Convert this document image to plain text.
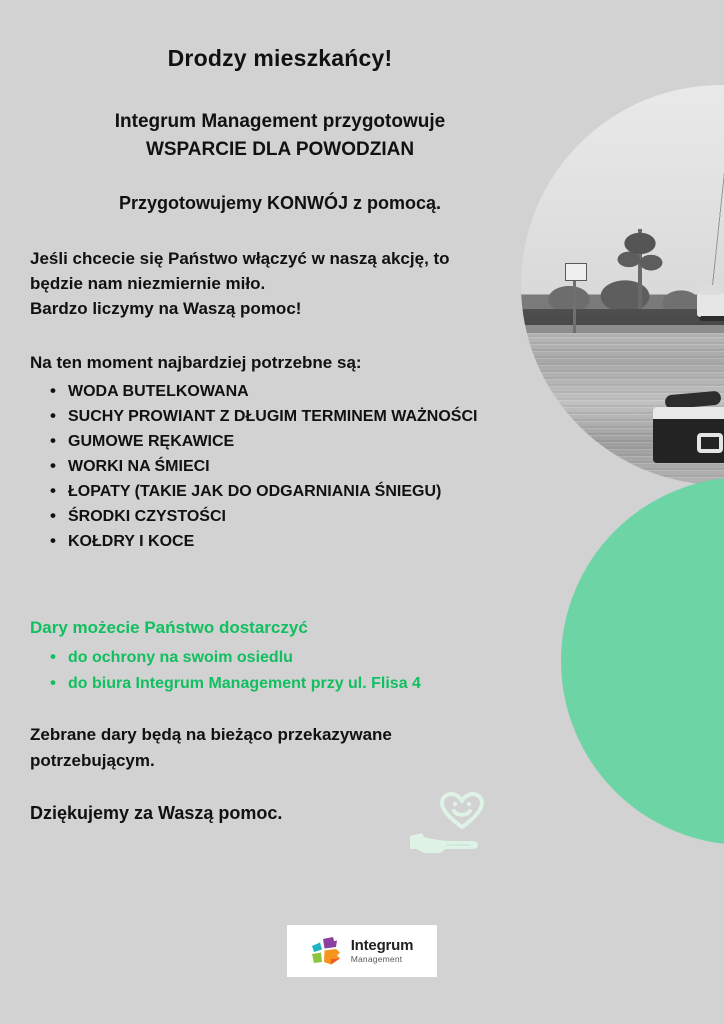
Drodzy mieszkańcy!
Integrum Management przygotowuje
WSPARCIE DLA POWODZIAN
Przygotowujemy KONWÓJ z pomocą.
Jeśli chcecie się Państwo włączyć w naszą akcję, to
będzie nam niezmiernie miło.
Bardzo liczymy na Waszą pomoc!
Na ten moment najbardziej potrzebne są:
• WODA BUTELKOWANA
• SUCHY PROWIANT Z DŁUGIM TERMINEM WAŻNOŚCI
• GUMOWE RĘKAWICE
• WORKI NA ŚMIECI
• ŁOPATY (TAKIE JAK DO ODGARNIANIA ŚNIEGU)
• ŚRODKI CZYSTOŚCI
• KOŁDRY I KOCE
Dary możecie Państwo dostarczyć
• do ochrony na swoim osiedlu
• do biura Integrum Management przy ul. Flisa 4
Zebrane dary będą na bieżąco przekazywane
potrzebującym.
Dziękujemy za Waszą pomoc.
Integrum
Management
